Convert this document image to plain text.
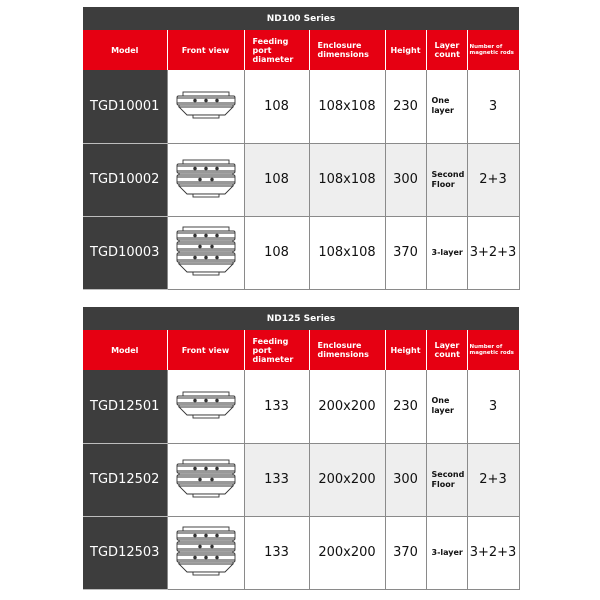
ND100 Series
Model	Front view	Feeding port diameter	Enclosure dimensions	Height	Layer count	Number of magnetic rods
TGD10001		108	108x108	230	One layer	3
TGD10002		108	108x108	300	Second Floor	2+3
TGD10003		108	108x108	370	3-layer	3+2+3
ND125 Series
Model	Front view	Feeding port diameter	Enclosure dimensions	Height	Layer count	Number of magnetic rods
TGD12501		133	200x200	230	One layer	3
TGD12502		133	200x200	300	Second Floor	2+3
TGD12503		133	200x200	370	3-layer	3+2+3
